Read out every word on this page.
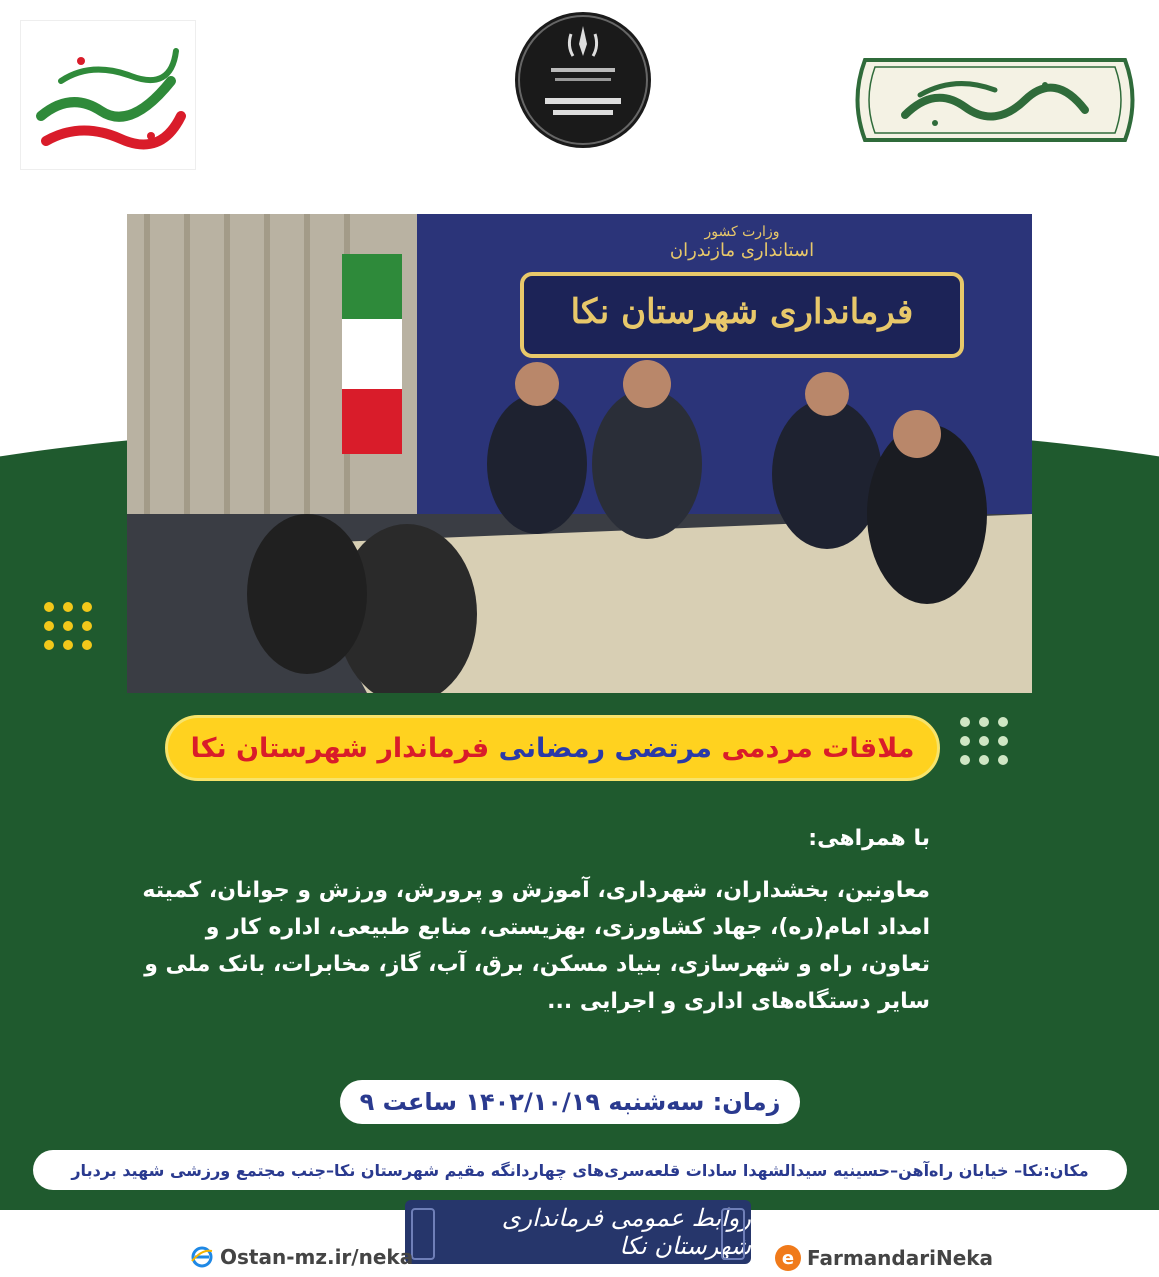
وزارت کشور
استانداری مازندران
فرمانداری شهرستان نکا
ملاقات مردمی

مرتضی رمضانی

فرماندار شهرستان نکا
با همراهی:
معاونین، بخشداران، شهرداری، آموزش و پرورش، ورزش و جوانان، کمیته امداد امام(ره)، جهاد کشاورزی، بهزیستی، منابع طبیعی، اداره کار و تعاون، راه و شهرسازی، بنیاد مسکن، برق، آب، گاز، مخابرات، بانک ملی و سایر دستگاه‌های اداری و اجرایی ...
زمان: سه‌شنبه ۱۴۰۲/۱۰/۱۹ ساعت ۹
مکان:نکا– خیابان راه‌آهن–حسینیه سیدالشهدا سادات قلعه‌سری‌های چهاردانگه مقیم شهرستان نکا–جنب مجتمع ورزشی شهید بردبار
روابط عمومی فرمانداری شهرستان نکا
Ostan-mz.ir/neka	e FarmandariNeka
